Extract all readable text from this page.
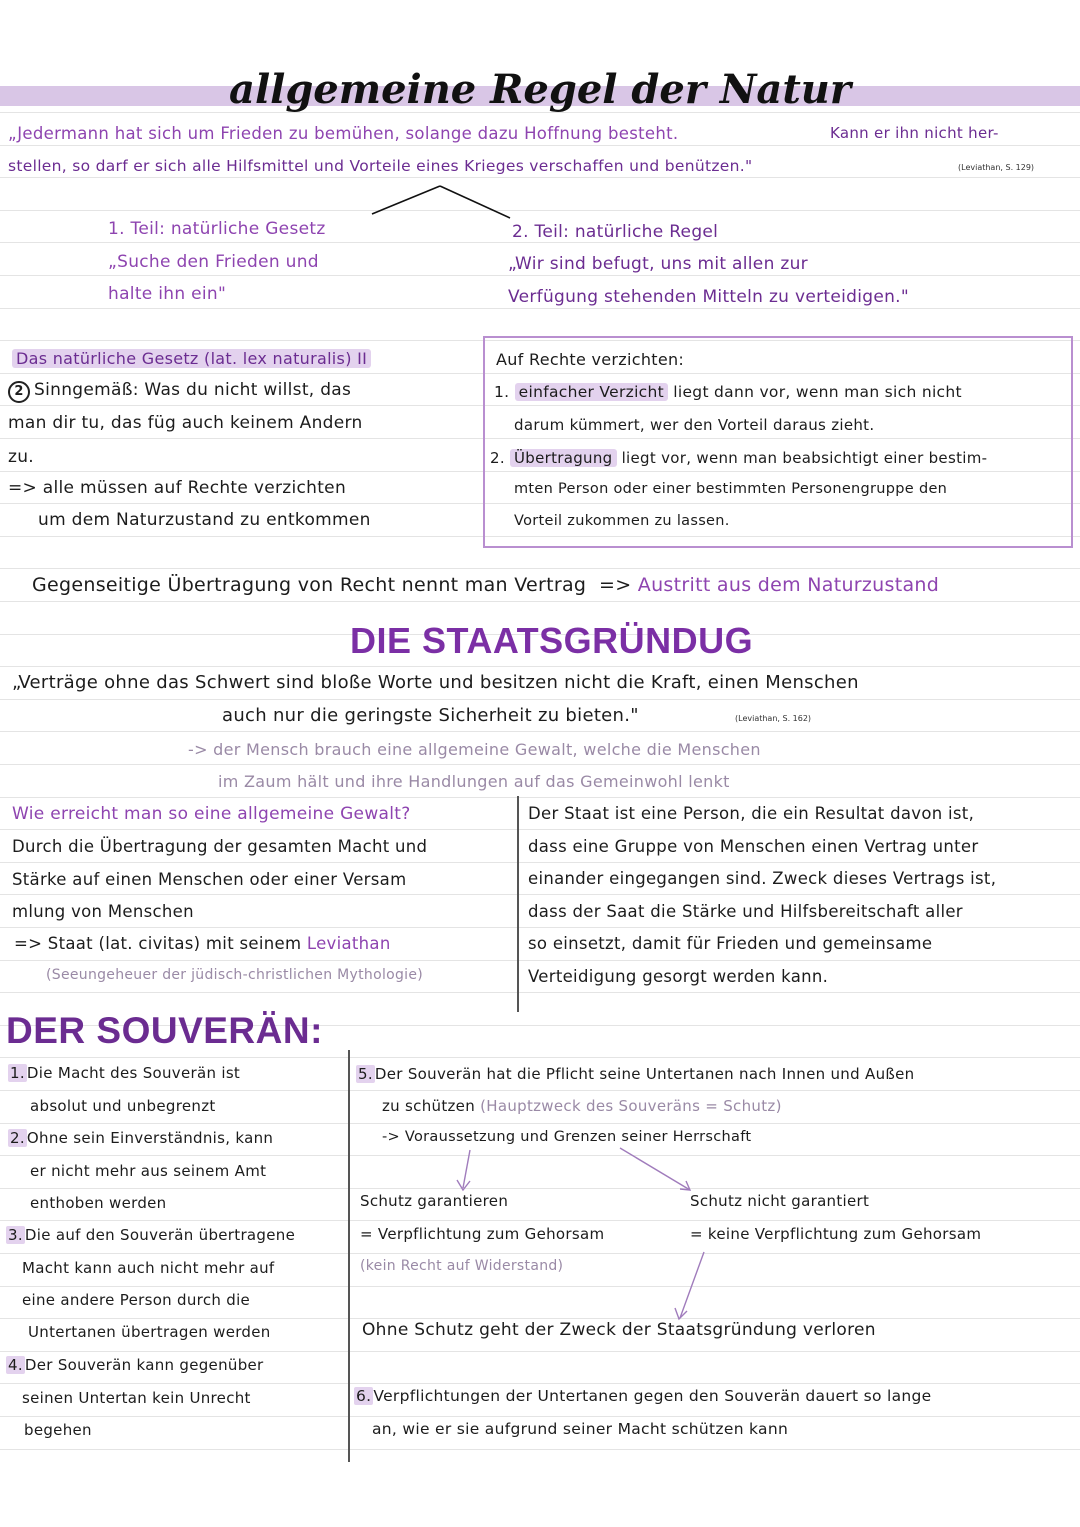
allgemeine Regel der Natur
„Jedermann hat sich um Frieden zu bemühen, solange dazu Hoffnung besteht.	Kann er ihn nicht her-
stellen, so darf er sich alle Hilfsmittel und Vorteile eines Krieges verschaffen und benützen."	(Leviathan, S. 129)
1. Teil: natürliche Gesetz
„Suche den Frieden und
halte ihn ein"
2. Teil: natürliche Regel
„Wir sind befugt, uns mit allen zur
Verfügung stehenden Mitteln zu verteidigen."
Das natürliche Gesetz (lat. lex naturalis) II
2 Sinngemäß: Was du nicht willst, das
man dir tu, das füg auch keinem Andern
zu.
=> alle müssen auf Rechte verzichten
um dem Naturzustand zu entkommen
Auf Rechte verzichten:
1. einfacher Verzicht liegt dann vor, wenn man sich nicht
darum kümmert, wer den Vorteil daraus zieht.
2. Übertragung liegt vor, wenn man beabsichtigt einer bestim-
mten Person oder einer bestimmten Personengruppe den
Vorteil zukommen zu lassen.
Gegenseitige Übertragung von Recht nennt man Vertrag => Austritt aus dem Naturzustand
DIE STAATSGRÜNDUG
„Verträge ohne das Schwert sind bloße Worte und besitzen nicht die Kraft, einen Menschen
auch nur die geringste Sicherheit zu bieten."	(Leviathan, S. 162)
-> der Mensch brauch eine allgemeine Gewalt, welche die Menschen
im Zaum hält und ihre Handlungen auf das Gemeinwohl lenkt
Wie erreicht man so eine allgemeine Gewalt?
Durch die Übertragung der gesamten Macht und
Stärke auf einen Menschen oder einer Versam
mlung von Menschen
=> Staat (lat. civitas) mit seinem Leviathan
(Seeungeheuer der jüdisch-christlichen Mythologie)
Der Staat ist eine Person, die ein Resultat davon ist,
dass eine Gruppe von Menschen einen Vertrag unter
einander eingegangen sind. Zweck dieses Vertrags ist,
dass der Saat die Stärke und Hilfsbereitschaft aller
so einsetzt, damit für Frieden und gemeinsame
Verteidigung gesorgt werden kann.
DER SOUVERÄN:
1. Die Macht des Souverän ist
absolut und unbegrenzt
2. Ohne sein Einverständnis, kann
er nicht mehr aus seinem Amt
enthoben werden
3. Die auf den Souverän übertragene
Macht kann auch nicht mehr auf
eine andere Person durch die
Untertanen übertragen werden
4. Der Souverän kann gegenüber
seinen Untertan kein Unrecht
begehen
5. Der Souverän hat die Pflicht seine Untertanen nach Innen und Außen
zu schützen (Hauptzweck des Souveräns = Schutz)
-> Voraussetzung und Grenzen seiner Herrschaft
Schutz garantieren
= Verpflichtung zum Gehorsam
(kein Recht auf Widerstand)
Schutz nicht garantiert
= keine Verpflichtung zum Gehorsam
Ohne Schutz geht der Zweck der Staatsgründung verloren
6. Verpflichtungen der Untertanen gegen den Souverän dauert so lange
an, wie er sie aufgrund seiner Macht schützen kann
